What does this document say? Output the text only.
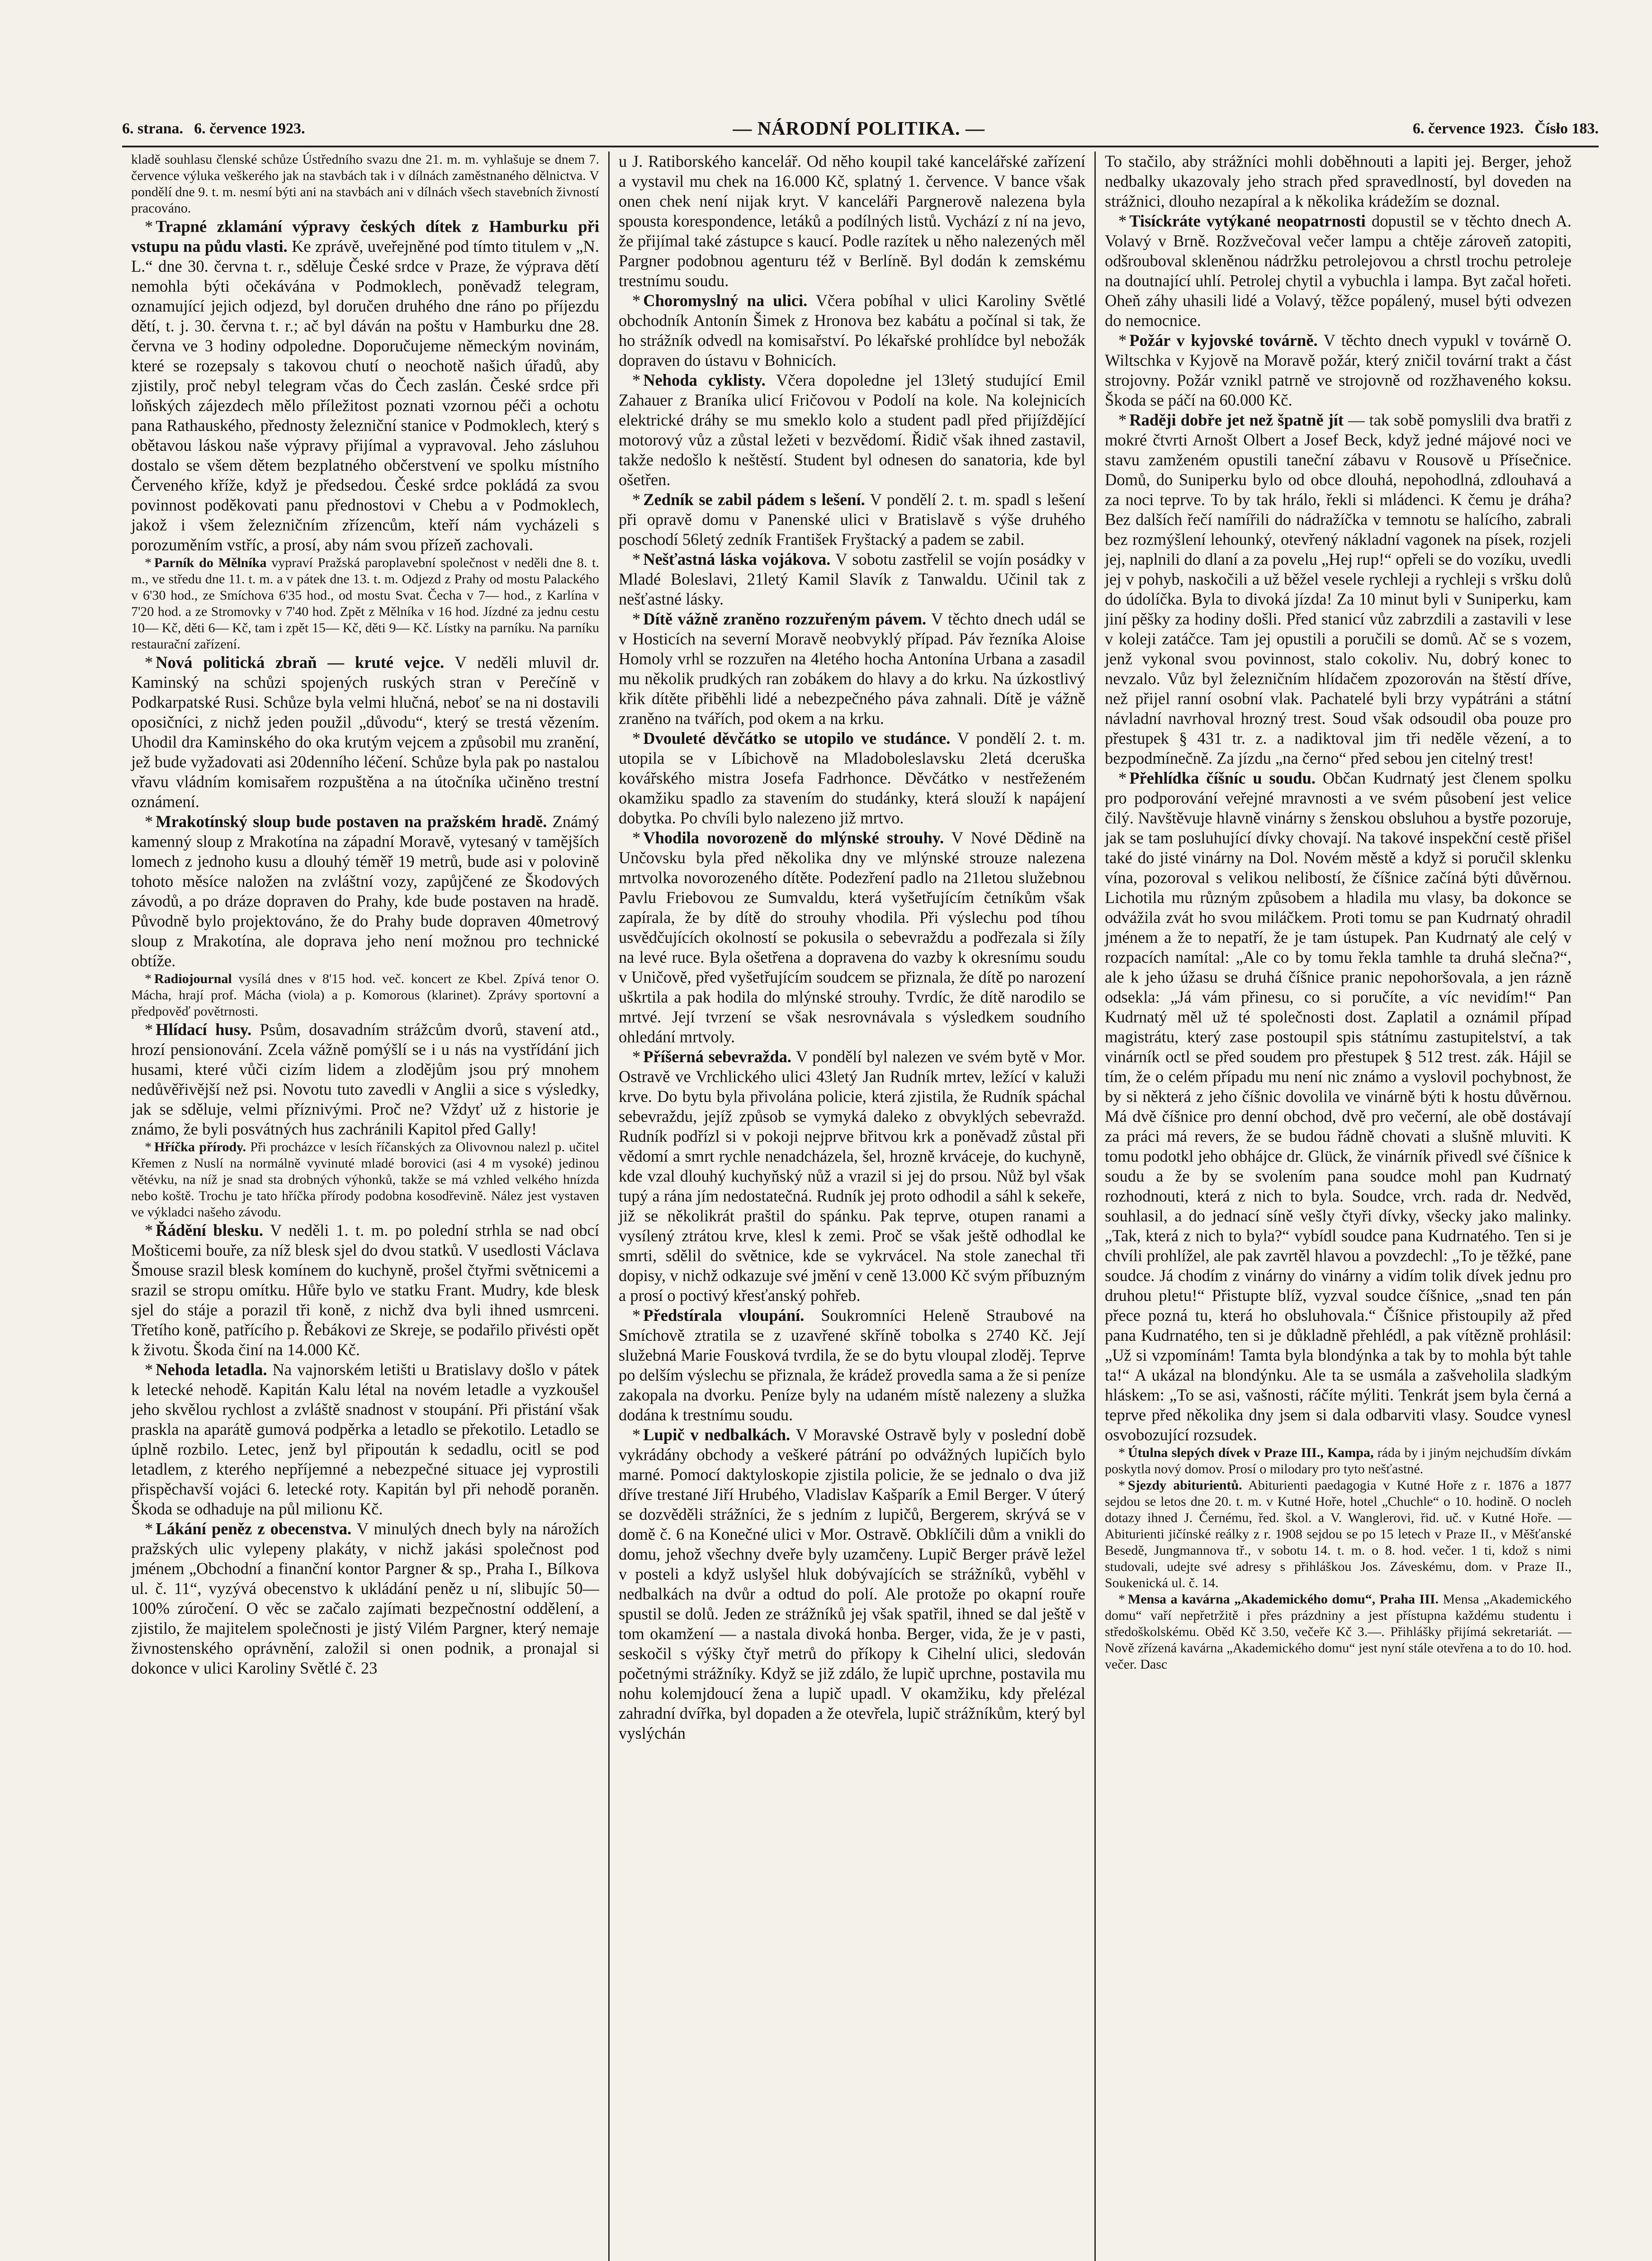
6. strana. 6. července 1923.	— NÁRODNÍ POLITIKA. —	6. července 1923. Čísło 183.

kladě souhlasu členské schůze Ústředního svazu dne 21. m. m. vyhlašuje se dnem 7. července výluka veškerého jak na stavbách tak i v dílnách zaměstnaného dělnictva. V pondělí dne 9. t. m. nesmí býti ani na stavbách ani v dílnách všech stavebních živností pracováno.

* Trapné zklamání výpravy českých dítek z Hamburku při vstupu na půdu vlasti. Ke zprávě, uveřejněné pod tímto titulem v „N. L.“ dne 30. června t. r., sděluje České srdce v Praze, že výprava dětí nemohla býti očekávána v Podmoklech, poněvadž telegram, oznamující jejich odjezd, byl doručen druhého dne ráno po příjezdu dětí, t. j. 30. června t. r.; ač byl dáván na poštu v Hamburku dne 28. června ve 3 hodiny odpoledne. Doporučujeme německým novinám, které se rozepsaly s takovou chutí o neochotě našich úřadů, aby zjistily, proč nebyl telegram včas do Čech zaslán. České srdce při loňských zájezdech mělo příležitost poznati vzornou péči a ochotu pana Rathauského, přednosty železniční stanice v Podmoklech, který s obětavou láskou naše výpravy přijímal a vypravoval. Jeho zásluhou dostalo se všem dětem bezplatného občerstvení ve spolku místního Červeného kříže, když je předsedou. České srdce pokládá za svou povinnost poděkovati panu přednostovi v Chebu a v Podmoklech, jakož i všem železničním zřízencům, kteří nám vycházeli s porozuměním vstříc, a prosí, aby nám svou přízeň zachovali.

* Parník do Mělníka vypraví Pražská paroplavební společnost v neděli dne 8. t. m., ve středu dne 11. t. m. a v pátek dne 13. t. m. Odjezd z Prahy od mostu Palackého v 6'30 hod., ze Smíchova 6'35 hod., od mostu Svat. Čecha v 7— hod., z Karlína v 7'20 hod. a ze Stromovky v 7'40 hod. Zpět z Mělníka v 16 hod. Jízdné za jednu cestu 10— Kč, děti 6— Kč, tam i zpět 15— Kč, děti 9— Kč. Lístky na parníku. Na parníku restaurační zařízení.

* Nová politická zbraň — kruté vejce. V neděli mluvil dr. Kaminský na schůzi spojených ruských stran v Perečíně v Podkarpatské Rusi. Schůze byla velmi hlučná, neboť se na ni dostavili oposičníci, z nichž jeden použil „důvodu“, který se trestá vězením. Uhodil dra Kaminského do oka krutým vejcem a způsobil mu zranění, jež bude vyžadovati asi 20denního léčení. Schůze byla pak po nastalou vřavu vládním komisařem rozpuštěna a na útočníka učiněno trestní oznámení.

* Mrakotínský sloup bude postaven na pražském hradě. Známý kamenný sloup z Mrakotína na západní Moravě, vytesaný v tamějších lomech z jednoho kusu a dlouhý téměř 19 metrů, bude asi v polovině tohoto měsíce naložen na zvláštní vozy, zapůjčené ze Škodových závodů, a po dráze dopraven do Prahy, kde bude postaven na hradě. Původně bylo projektováno, že do Prahy bude dopraven 40metrový sloup z Mrakotína, ale doprava jeho není možnou pro technické obtíže.

* Radiojournal vysílá dnes v 8'15 hod. več. koncert ze Kbel. Zpívá tenor O. Mácha, hrají prof. Mácha (viola) a p. Komorous (klarinet). Zprávy sportovní a předpověď povětrnosti.

* Hlídací husy. Psům, dosavadním strážcům dvorů, stavení atd., hrozí pensionování. Zcela vážně pomýšlí se i u nás na vystřídání jich husami, které vůči cizím lidem a zlodějům jsou prý mnohem nedůvěřivější než psi. Novotu tuto zavedli v Anglii a sice s výsledky, jak se sděluje, velmi příznivými. Proč ne? Vždyť už z historie je známo, že byli posvátných hus zachránili Kapitol před Gally!

* Hříčka přírody. Při procházce v lesích říčanských za Olivovnou nalezl p. učitel Křemen z Nuslí na normálně vyvinuté mladé borovici (asi 4 m vysoké) jedinou větévku, na níž je snad sta drobných výhonků, takže se má vzhled velkého hnízda nebo koště. Trochu je tato hříčka přírody podobna kosodřevině. Nález jest vystaven ve výkladci našeho závodu.

* Řádění blesku. V neděli 1. t. m. po polední strhla se nad obcí Mošticemi bouře, za níž blesk sjel do dvou statků. V usedlosti Václava Šmouse srazil blesk komínem do kuchyně, prošel čtyřmi světnicemi a srazil se stropu omítku. Hůře bylo ve statku Frant. Mudry, kde blesk sjel do stáje a porazil tři koně, z nichž dva byli ihned usmrceni. Třetího koně, patřícího p. Řebákovi ze Skreje, se podařilo přivésti opět k životu. Škoda činí na 14.000 Kč.

* Nehoda letadla. Na vajnorském letišti u Bratislavy došlo v pátek k letecké nehodě. Kapitán Kalu létal na novém letadle a vyzkoušel jeho skvělou rychlost a zvláště snadnost v stoupání. Při přistání však praskla na aparátě gumová podpěrka a letadlo se překotilo. Letadlo se úplně rozbilo. Letec, jenž byl připoután k sedadlu, ocitl se pod letadlem, z kterého nepříjemné a nebezpečné situace jej vyprostili přispěchavší vojáci 6. letecké roty. Kapitán byl při nehodě poraněn. Škoda se odhaduje na půl milionu Kč.

* Lákání peněz z obecenstva. V minulých dnech byly na nárožích pražských ulic vylepeny plakáty, v nichž jakási společnost pod jménem „Obchodní a finanční kontor Pargner & sp., Praha I., Bílkova ul. č. 11“, vyzývá obecenstvo k ukládání peněz u ní, slibujíc 50—100% zúročení. O věc se začalo zajímati bezpečnostní oddělení, a zjistilo, že majitelem společnosti je jistý Vilém Pargner, který nemaje živnostenského oprávnění, založil si onen podnik, a pronajal si dokonce v ulici Karoliny Světlé č. 23

u J. Ratiborského kancelář. Od něho koupil také kancelářské zařízení a vystavil mu chek na 16.000 Kč, splatný 1. července. V bance však onen chek není nijak kryt. V kanceláři Pargnerově nalezena byla spousta korespondence, letáků a podílných listů. Vychází z ní na jevo, že přijímal také zástupce s kaucí. Podle razítek u něho nalezených měl Pargner podobnou agenturu též v Berlíně. Byl dodán k zemskému trestnímu soudu.

* Choromyslný na ulici. Včera pobíhal v ulici Karoliny Světlé obchodník Antonín Šimek z Hronova bez kabátu a počínal si tak, že ho strážník odvedl na komisařství. Po lékařské prohlídce byl nebožák dopraven do ústavu v Bohnicích.

* Nehoda cyklisty. Včera dopoledne jel 13letý studující Emil Zahauer z Braníka ulicí Fričovou v Podolí na kole. Na kolejnicích elektrické dráhy se mu smeklo kolo a student padl před přijíždějící motorový vůz a zůstal ležeti v bezvědomí. Řidič však ihned zastavil, takže nedošlo k neštěstí. Student byl odnesen do sanatoria, kde byl ošetřen.

* Zedník se zabil pádem s lešení. V pondělí 2. t. m. spadl s lešení při opravě domu v Panenské ulici v Bratislavě s výše druhého poschodí 56letý zedník František Fryštacký a padem se zabil.

* Nešťastná láska vojákova. V sobotu zastřelil se vojín posádky v Mladé Boleslavi, 21letý Kamil Slavík z Tanwaldu. Učinil tak z nešťastné lásky.

* Dítě vážně zraněno rozzuřeným pávem. V těchto dnech udál se v Hosticích na severní Moravě neobvyklý případ. Páv řezníka Aloise Homoly vrhl se rozzuřen na 4letého hocha Antonína Urbana a zasadil mu několik prudkých ran zobákem do hlavy a do krku. Na úzkostlivý křik dítěte přiběhli lidé a nebezpečného páva zahnali. Dítě je vážně zraněno na tvářích, pod okem a na krku.

* Dvouleté děvčátko se utopilo ve studánce. V pondělí 2. t. m. utopila se v Líbichově na Mladoboleslavsku 2letá dceruška kovářského mistra Josefa Fadrhonce. Děvčátko v nestřeženém okamžiku spadlo za stavením do studánky, která slouží k napájení dobytka. Po chvíli bylo nalezeno již mrtvo.

* Vhodila novorozeně do mlýnské strouhy. V Nové Dědině na Unčovsku byla před několika dny ve mlýnské strouze nalezena mrtvolka novorozeného dítěte. Podezření padlo na 21letou služebnou Pavlu Friebovou ze Sumvaldu, která vyšetřujícím četníkům však zapírala, že by dítě do strouhy vhodila. Při výslechu pod tíhou usvědčujících okolností se pokusila o sebevraždu a podřezala si žíly na levé ruce. Byla ošetřena a dopravena do vazby k okresnímu soudu v Uničově, před vyšetřujícím soudcem se přiznala, že dítě po narození uškrtila a pak hodila do mlýnské strouhy. Tvrdíc, že dítě narodilo se mrtvé. Její tvrzení se však nesrovnávala s výsledkem soudního ohledání mrtvoly.

* Příšerná sebevražda. V pondělí byl nalezen ve svém bytě v Mor. Ostravě ve Vrchlického ulici 43letý Jan Rudník mrtev, ležící v kaluži krve. Do bytu byla přivolána policie, která zjistila, že Rudník spáchal sebevraždu, jejíž způsob se vymyká daleko z obvyklých sebevražd. Rudník podřízl si v pokoji nejprve břitvou krk a poněvadž zůstal při vědomí a smrt rychle nenadcházela, šel, hrozně krváceje, do kuchyně, kde vzal dlouhý kuchyňský nůž a vrazil si jej do prsou. Nůž byl však tupý a rána jím nedostatečná. Rudník jej proto odhodil a sáhl k sekeře, již se několikrát praštil do spánku. Pak teprve, otupen ranami a vysílený ztrátou krve, klesl k zemi. Proč se však ještě odhodlal ke smrti, sdělil do světnice, kde se vykrvácel. Na stole zanechal tři dopisy, v nichž odkazuje své jmění v ceně 13.000 Kč svým příbuzným a prosí o poctivý křesťanský pohřeb.

* Předstírala vloupání. Soukromníci Heleně Straubové na Smíchově ztratila se z uzavřené skříně tobolka s 2740 Kč. Její služebná Marie Fousková tvrdila, že se do bytu vloupal zloděj. Teprve po delším výslechu se přiznala, že krádež provedla sama a že si peníze zakopala na dvorku. Peníze byly na udaném místě nalezeny a služka dodána k trestnímu soudu.

* Lupič v nedbalkách. V Moravské Ostravě byly v poslední době vykrádány obchody a veškeré pátrání po odvážných lupičích bylo marné. Pomocí daktyloskopie zjistila policie, že se jednalo o dva již dříve trestané Jiří Hrubého, Vladislav Kašparík a Emil Berger. V úterý se dozvěděli strážníci, že s jedním z lupičů, Bergerem, skrývá se v domě č. 6 na Konečné ulici v Mor. Ostravě. Obklíčili dům a vnikli do domu, jehož všechny dveře byly uzamčeny. Lupič Berger právě ležel v posteli a když uslyšel hluk dobývajících se strážníků, vyběhl v nedbalkách na dvůr a odtud do polí. Ale protože po okapní rouře spustil se dolů. Jeden ze strážníků jej však spatřil, ihned se dal ještě v tom okamžení — a nastala divoká honba. Berger, vida, že je v pasti, seskočil s výšky čtyř metrů do příkopy k Cihelní ulici, sledován početnými strážníky. Když se již zdálo, že lupič uprchne, postavila mu nohu kolemjdoucí žena a lupič upadl. V okamžiku, kdy přelézal zahradní dvířka, byl dopaden a že otevřela, lupič strážníkům, který byl vyslýchán

To stačilo, aby strážníci mohli doběhnouti a lapiti jej. Berger, jehož nedbalky ukazovaly jeho strach před spravedlností, byl doveden na strážnici, dlouho nezapíral a k několika krádežím se doznal.

* Tisíckráte vytýkané neopatrnosti dopustil se v těchto dnech A. Volavý v Brně. Rozžvečoval večer lampu a chtěje zároveň zatopiti, odšrouboval skleněnou nádržku petrolejovou a chrstl trochu petroleje na doutnající uhlí. Petrolej chytil a vybuchla i lampa. Byt začal hořeti. Oheň záhy uhasili lidé a Volavý, těžce popálený, musel býti odvezen do nemocnice.

* Požár v kyjovské továrně. V těchto dnech vypukl v továrně O. Wiltschka v Kyjově na Moravě požár, který zničil tovární trakt a část strojovny. Požár vznikl patrně ve strojovně od rozžhaveného koksu. Škoda se páčí na 60.000 Kč.

* Raději dobře jet než špatně jít — tak sobě pomyslili dva bratři z mokré čtvrti Arnošt Olbert a Josef Beck, když jedné májové noci ve stavu zamženém opustili taneční zábavu v Rousově u Přísečnice. Domů, do Suniperku bylo od obce dlouhá, nepohodlná, zdlouhavá a za noci teprve. To by tak hrálo, řekli si mládenci. K čemu je dráha? Bez dalších řečí namířili do nádražíčka v temnotu se halícího, zabrali bez rozmýšlení lehounký, otevřený nákladní vagonek na písek, rozjeli jej, naplnili do dlaní a za povelu „Hej rup!“ opřeli se do vozíku, uvedli jej v pohyb, naskočili a už běžel vesele rychleji a rychleji s vršku dolů do údolíčka. Byla to divoká jízda! Za 10 minut byli v Suniperku, kam jiní pěšky za hodiny došli. Před stanicí vůz zabrzdili a zastavili v lese v koleji zatáčce. Tam jej opustili a poručili se domů. Ač se s vozem, jenž vykonal svou povinnost, stalo cokoliv. Nu, dobrý konec to nevzalo. Vůz byl železničním hlídačem zpozorován na štěstí dříve, než přijel ranní osobní vlak. Pachatelé byli brzy vypátráni a státní návladní navrhoval hrozný trest. Soud však odsoudil oba pouze pro přestupek § 431 tr. z. a nadiktoval jim tři neděle vězení, a to bezpodmínečně. Za jízdu „na černo“ před sebou jen citelný trest!

* Přehlídka číšníc u soudu. Občan Kudrnatý jest členem spolku pro podporování veřejné mravnosti a ve svém působení jest velice čilý. Navštěvuje hlavně vinárny s ženskou obsluhou a bystře pozoruje, jak se tam posluhující dívky chovají. Na takové inspekční cestě přišel také do jisté vinárny na Dol. Novém městě a když si poručil sklenku vína, pozoroval s velikou nelibostí, že číšnice začíná býti důvěrnou. Lichotila mu různým způsobem a hladila mu vlasy, ba dokonce se odvážila zvát ho svou miláčkem. Proti tomu se pan Kudrnatý ohradil jménem a že to nepatří, že je tam ústupek. Pan Kudrnatý ale celý v rozpacích namítal: „Ale co by tomu řekla tamhle ta druhá slečna?“, ale k jeho úžasu se druhá číšnice pranic nepohoršovala, a jen rázně odsekla: „Já vám přinesu, co si poručíte, a víc nevidím!“ Pan Kudrnatý měl už té společnosti dost. Zaplatil a oznámil případ magistrátu, který zase postoupil spis státnímu zastupitelství, a tak vinárník octl se před soudem pro přestupek § 512 trest. zák. Hájil se tím, že o celém případu mu není nic známo a vyslovil pochybnost, že by si některá z jeho číšnic dovolila ve vinárně býti k hostu důvěrnou. Má dvě číšnice pro denní obchod, dvě pro večerní, ale obě dostávají za práci má revers, že se budou řádně chovati a slušně mluviti. K tomu podotkl jeho obhájce dr. Glück, že vinárník přivedl své číšnice k soudu a že by se svolením pana soudce mohl pan Kudrnatý rozhodnouti, která z nich to byla. Soudce, vrch. rada dr. Nedvěd, souhlasil, a do jednací síně vešly čtyři dívky, všecky jako malinky. „Tak, která z nich to byla?“ vybídl soudce pana Kudrnatého. Ten si je chvíli prohlížel, ale pak zavrtěl hlavou a povzdechl: „To je těžké, pane soudce. Já chodím z vinárny do vinárny a vidím tolik dívek jednu pro druhou pletu!“ Přistupte blíž, vyzval soudce číšnice, „snad ten pán přece pozná tu, která ho obsluhovala.“ Číšnice přistoupily až před pana Kudrnatého, ten si je důkladně přehlédl, a pak vítězně prohlásil: „Už si vzpomínám! Tamta byla blondýnka a tak by to mohla být tahle ta!“ A ukázal na blondýnku. Ale ta se usmála a zašveholila sladkým hláskem: „To se asi, vašnosti, ráčíte mýliti. Tenkrát jsem byla černá a teprve před několika dny jsem si dala odbarviti vlasy. Soudce vynesl osvobozující rozsudek.

* Útulna slepých dívek v Praze III., Kampa, ráda by i jiným nejchudším dívkám poskytla nový domov. Prosí o milodary pro tyto nešťastné.

* Sjezdy abiturientů. Abiturienti paedagogia v Kutné Hoře z r. 1876 a 1877 sejdou se letos dne 20. t. m. v Kutné Hoře, hotel „Chuchle“ o 10. hodině. O nocleh dotazy ihned J. Černému, řed. škol. a V. Wanglerovi, řid. uč. v Kutné Hoře. — Abiturienti jičínské reálky z r. 1908 sejdou se po 15 letech v Praze II., v Měšťanské Besedě, Jungmannova tř., v sobotu 14. t. m. o 8. hod. večer. 1 ti, kdož s nimi studovali, udejte své adresy s přihláškou Jos. Záveskému, dom. v Praze II., Soukenická ul. č. 14.

* Mensa a kavárna „Akademického domu“, Praha III. Mensa „Akademického domu“ vaří nepřetržitě i přes prázdniny a jest přístupna každému studentu i středoškolskému. Oběd Kč 3.50, večeře Kč 3.—. Přihlášky přijímá sekretariát. — Nově zřízená kavárna „Akademického domu“ jest nyní stále otevřena a to do 10. hod. večer. Dasc
